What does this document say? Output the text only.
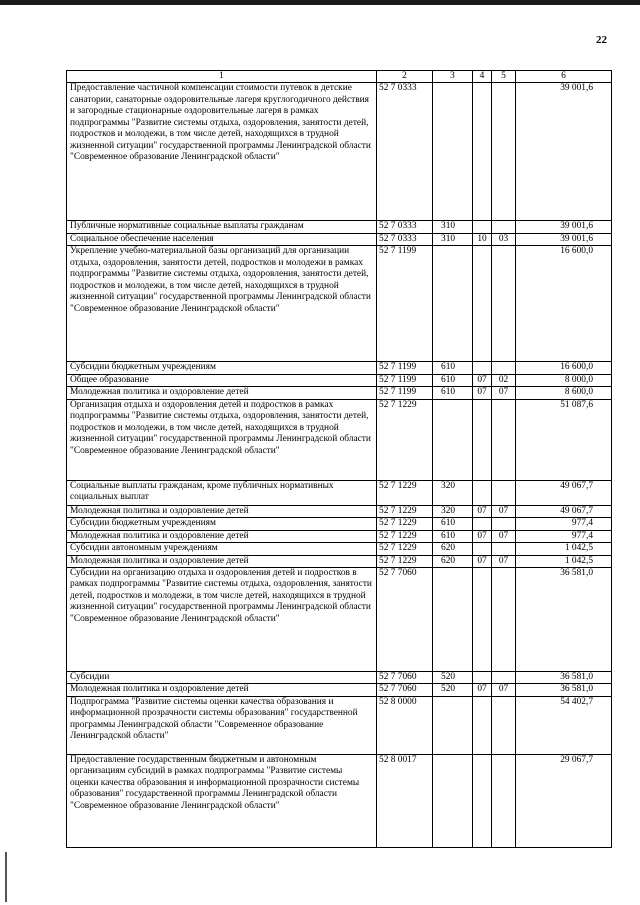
22
1	2	3	4	5	6
Предоставление частичной компенсации стоимости путевок в детские санатории, санаторные оздоровительные лагеря круглогодичного действия и загородные стационарные оздоровительные лагеря в рамках подпрограммы "Развитие системы отдыха, оздоровления, занятости детей, подростков и молодежи, в том числе детей, находящихся в трудной жизненной ситуации" государственной программы Ленинградской области "Современное образование Ленинградской области"	52 7 0333				39 001,6
Публичные нормативные социальные выплаты гражданам	52 7 0333	310			39 001,6
Социальное обеспечение населения	52 7 0333	310	10	03	39 001,6
Укрепление учебно-материальной базы организаций для организации отдыха, оздоровления, занятости детей, подростков и молодежи в рамках подпрограммы "Развитие системы отдыха, оздоровления, занятости детей, подростков и молодежи, в том числе детей, находящихся в трудной жизненной ситуации" государственной программы Ленинградской области "Современное образование Ленинградской области"	52 7 1199				16 600,0
Субсидии бюджетным учреждениям	52 7 1199	610			16 600,0
Общее образование	52 7 1199	610	07	02	8 000,0
Молодежная политика и оздоровление детей	52 7 1199	610	07	07	8 600,0
Организация отдыха и оздоровления детей и подростков в рамках подпрограммы "Развитие системы отдыха, оздоровления, занятости детей, подростков и молодежи, в том числе детей, находящихся в трудной жизненной ситуации" государственной программы Ленинградской области "Современное образование Ленинградской области"	52 7 1229				51 087,6
Социальные выплаты гражданам, кроме публичных нормативных социальных выплат	52 7 1229	320			49 067,7
Молодежная политика и оздоровление детей	52 7 1229	320	07	07	49 067,7
Субсидии бюджетным учреждениям	52 7 1229	610			977,4
Молодежная политика и оздоровление детей	52 7 1229	610	07	07	977,4
Субсидии автономным учреждениям	52 7 1229	620			1 042,5
Молодежная политика и оздоровление детей	52 7 1229	620	07	07	1 042,5
Субсидии на организацию отдыха и оздоровления детей и подростков в рамках подпрограммы "Развитие системы отдыха, оздоровления, занятости детей, подростков и молодежи, в том числе детей, находящихся в трудной жизненной ситуации" государственной программы Ленинградской области "Современное образование Ленинградской области"	52 7 7060				36 581,0
Субсидии	52 7 7060	520			36 581,0
Молодежная политика и оздоровление детей	52 7 7060	520	07	07	36 581,0
Подпрограмма "Развитие системы оценки качества образования и информационной прозрачности системы образования" государственной программы Ленинградской области "Современное образование Ленинградской области"	52 8 0000				54 402,7
Предоставление государственным бюджетным и автономным организациям субсидий в рамках подпрограммы "Развитие системы оценки качества образования и информационной прозрачности системы образования" государственной программы Ленинградской области "Современное образование Ленинградской области"	52 8 0017				29 067,7
